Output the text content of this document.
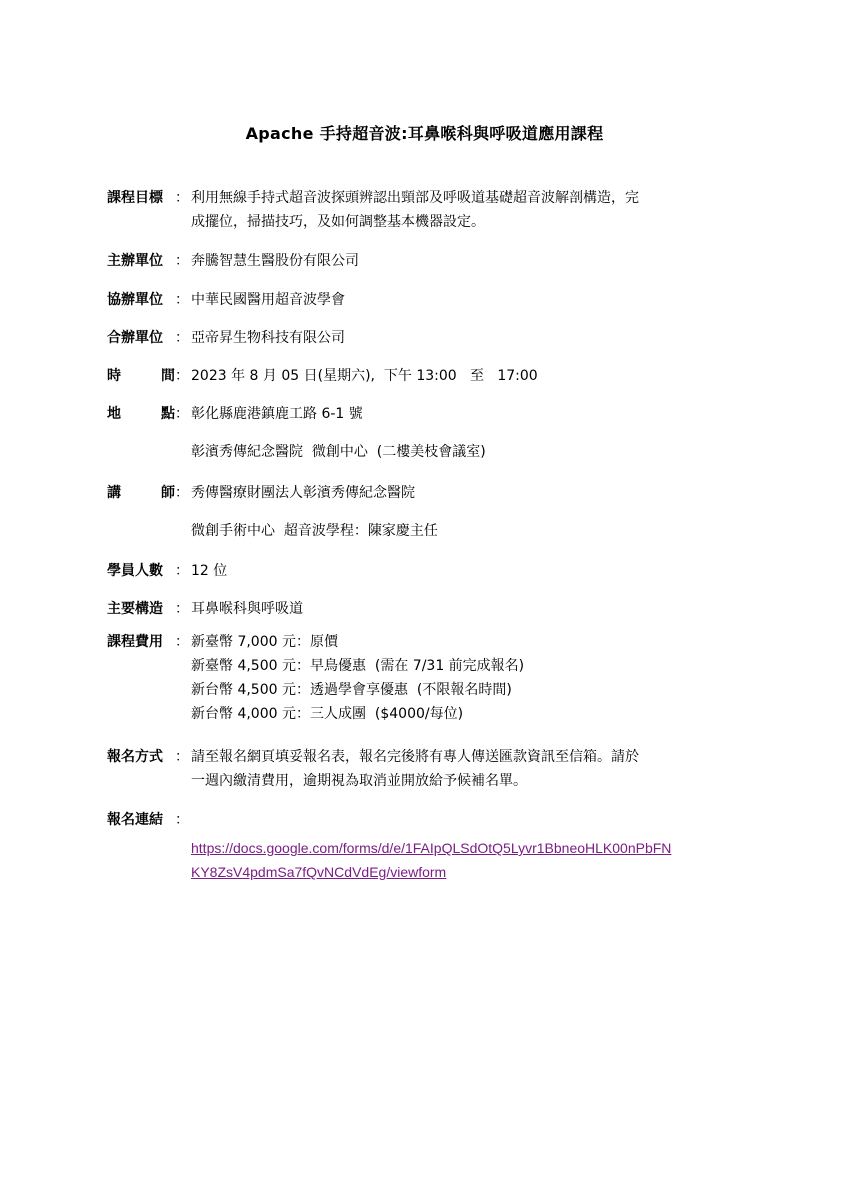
Apache 手持超音波:耳鼻喉科與呼吸道應用課程
課程目標 ： 利用無線手持式超音波探頭辨認出頸部及呼吸道基礎超音波解剖構造，完
成擺位，掃描技巧，及如何調整基本機器設定。
主辦單位 ： 奔騰智慧生醫股份有限公司
協辦單位 ： 中華民國醫用超音波學會
合辦單位 ： 亞帝昇生物科技有限公司
時	間 ： 2023 年 8 月 05 日(星期六),  下午 13:00   至   17:00
地	點 ： 彰化縣鹿港鎮鹿工路 6-1 號
彰濱秀傳紀念醫院  微創中心  (二樓美枝會議室)
講	師 ： 秀傳醫療財團法人彰濱秀傳紀念醫院
微創手術中心  超音波學程：陳家慶主任
學員人數 ： 12 位
主要構造 ： 耳鼻喉科與呼吸道
課程費用 ： 新臺幣 7,000 元：原價
新臺幣 4,500 元：早鳥優惠  (需在 7/31 前完成報名)
新台幣 4,500 元：透過學會享優惠  (不限報名時間)
新台幣 4,000 元：三人成團  ($4000/每位)
報名方式 ： 請至報名網頁填妥報名表，報名完後將有專人傳送匯款資訊至信箱。請於
一週內繳清費用，逾期視為取消並開放給予候補名單。
報名連結 ：
https://docs.google.com/forms/d/e/1FAIpQLSdOtQ5Lyvr1BbneoHLK00nPbFN
KY8ZsV4pdmSa7fQvNCdVdEg/viewform
